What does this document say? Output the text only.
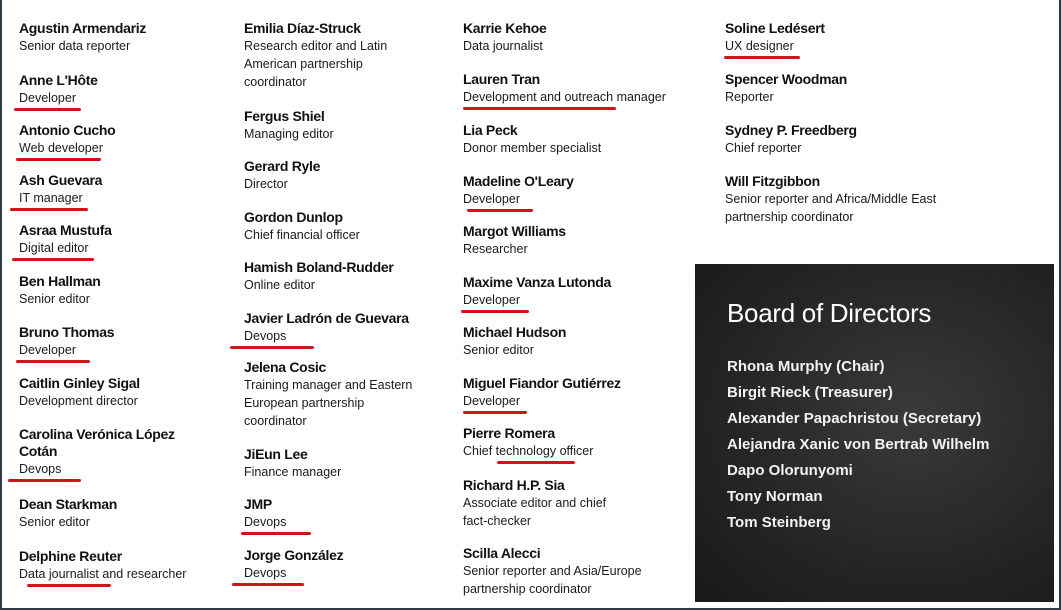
Agustin Armendariz
Senior data reporter
Anne L'Hôte
Developer
Antonio Cucho
Web developer
Ash Guevara
IT manager
Asraa Mustufa
Digital editor
Ben Hallman
Senior editor
Bruno Thomas
Developer
Caitlin Ginley Sigal
Development director
Carolina Verónica López
Cotán
Devops
Dean Starkman
Senior editor
Delphine Reuter
Data journalist and researcher
Emilia Díaz-Struck
Research editor and Latin
American partnership
coordinator
Fergus Shiel
Managing editor
Gerard Ryle
Director
Gordon Dunlop
Chief financial officer
Hamish Boland-Rudder
Online editor
Javier Ladrón de Guevara
Devops
Jelena Cosic
Training manager and Eastern
European partnership
coordinator
JiEun Lee
Finance manager
JMP
Devops
Jorge González
Devops
Karrie Kehoe
Data journalist
Lauren Tran
Development and outreach manager
Lia Peck
Donor member specialist
Madeline O'Leary
Developer
Margot Williams
Researcher
Maxime Vanza Lutonda
Developer
Michael Hudson
Senior editor
Miguel Fiandor Gutiérrez
Developer
Pierre Romera
Chief technology officer
Richard H.P. Sia
Associate editor and chief
fact-checker
Scilla Alecci
Senior reporter and Asia/Europe
partnership coordinator
Soline Ledésert
UX designer
Spencer Woodman
Reporter
Sydney P. Freedberg
Chief reporter
Will Fitzgibbon
Senior reporter and Africa/Middle East
partnership coordinator
Board of Directors
Rhona Murphy (Chair)
Birgit Rieck (Treasurer)
Alexander Papachristou (Secretary)
Alejandra Xanic von Bertrab Wilhelm
Dapo Olorunyomi
Tony Norman
Tom Steinberg
